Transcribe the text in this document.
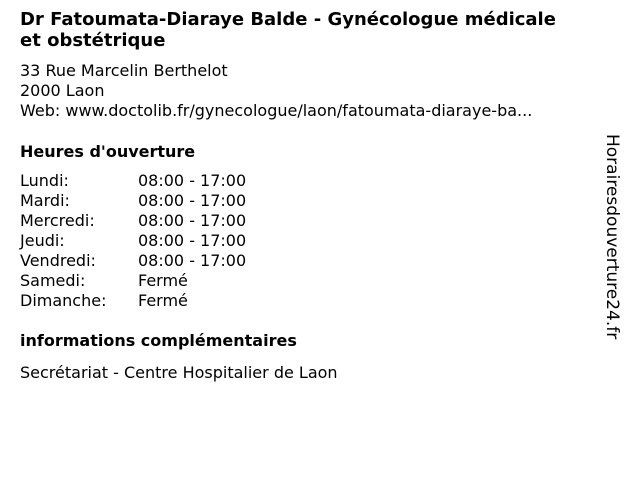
Dr Fatoumata-Diaraye Balde - Gynécologue médicale
et obstétrique
33 Rue Marcelin Berthelot
2000 Laon
Web: www.doctolib.fr/gynecologue/laon/fatoumata-diaraye-ba...
Heures d'ouverture
Lundi:	08:00 - 17:00
Mardi:	08:00 - 17:00
Mercredi:	08:00 - 17:00
Jeudi:	08:00 - 17:00
Vendredi:	08:00 - 17:00
Samedi:	Fermé
Dimanche:	Fermé
informations complémentaires
Secrétariat - Centre Hospitalier de Laon
Horairesdouverture24.fr
